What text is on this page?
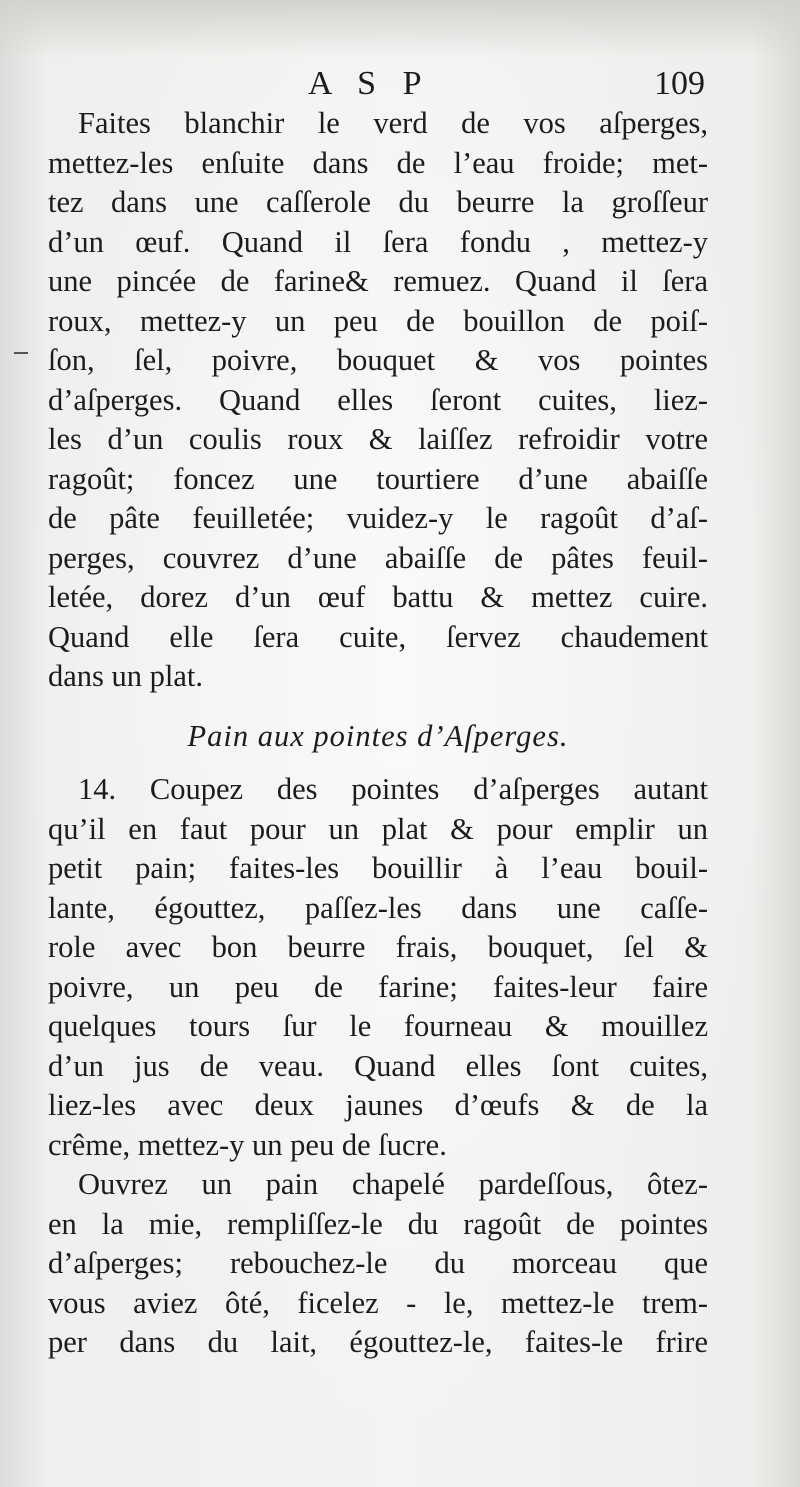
A S P	109
Faites blanchir le verd de vos aſperges,
mettez-les enſuite dans de l’eau froide; met-
tez dans une caſſerole du beurre la groſſeur
d’un œuf. Quand il ſera fondu , mettez-y
une pincée de farine& remuez. Quand il ſera
roux, mettez-y un peu de bouillon de poiſ-
ſon, ſel, poivre, bouquet & vos pointes
d’aſperges. Quand elles ſeront cuites, liez-
les d’un coulis roux & laiſſez refroidir votre
ragoût; foncez une tourtiere d’une abaiſſe
de pâte feuilletée; vuidez-y le ragoût d’aſ-
perges, couvrez d’une abaiſſe de pâtes feuil-
letée, dorez d’un œuf battu & mettez cuire.
Quand elle ſera cuite, ſervez chaudement
dans un plat.
Pain aux pointes d’Aſperges.
14. Coupez des pointes d’aſperges autant
qu’il en faut pour un plat & pour emplir un
petit pain; faites-les bouillir à l’eau bouil-
lante, égouttez, paſſez-les dans une caſſe-
role avec bon beurre frais, bouquet, ſel &
poivre, un peu de farine; faites-leur faire
quelques tours ſur le fourneau & mouillez
d’un jus de veau. Quand elles ſont cuites,
liez-les avec deux jaunes d’œufs & de la
crême, mettez-y un peu de ſucre.
Ouvrez un pain chapelé pardeſſous, ôtez-
en la mie, rempliſſez-le du ragoût de pointes
d’aſperges; rebouchez-le du morceau que
vous aviez ôté, ficelez - le, mettez-le trem-
per dans du lait, égouttez-le, faites-le frire
